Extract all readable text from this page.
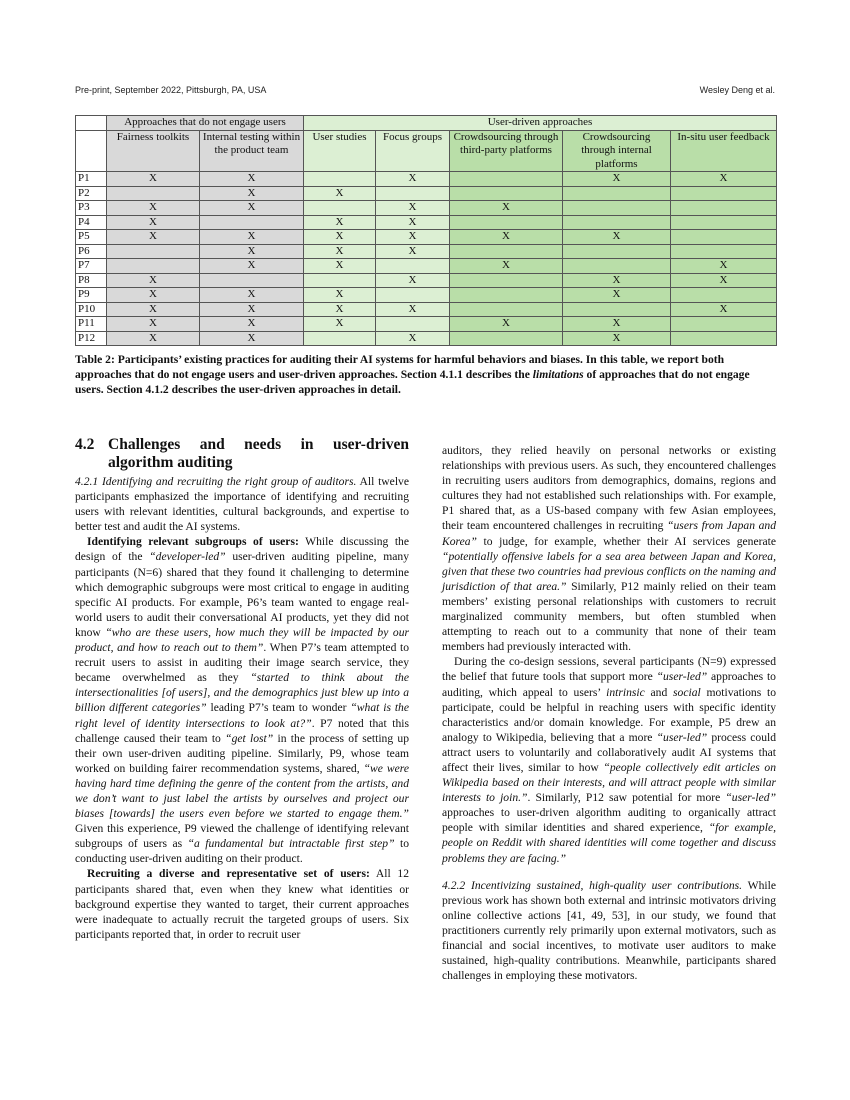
Pre-print, September 2022, Pittsburgh, PA, USA	Wesley Deng et al.
	Approaches that do not engage users		User-driven approaches				
	Fairness toolkits	Internal testing within the product team	User studies	Focus groups	Crowdsourcing through third-party platforms	Crowdsourcing through internal platforms	In-situ user feedback
P1	X	X		X		X	X
P2		X	X				
P3	X	X		X	X		
P4	X		X	X			
P5	X	X	X	X	X	X	
P6		X	X	X			
P7		X	X		X		X
P8	X			X		X	X
P9	X	X	X			X	
P10	X	X	X	X			X
P11	X	X	X		X	X	
P12	X	X		X		X	
Table 2: Participants’ existing practices for auditing their AI systems for harmful behaviors and biases. In this table, we report both approaches that do not engage users and user-driven approaches. Section 4.1.1 describes the limitations of approaches that do not engage users. Section 4.1.2 describes the user-driven approaches in detail.
4.2 Challenges and needs in user-driven algorithm auditing

4.2.1 Identifying and recruiting the right group of auditors. All twelve participants emphasized the importance of identifying and recruiting users with relevant identities, cultural backgrounds, and expertise to better test and audit the AI systems.

Identifying relevant subgroups of users: While discussing the design of the “developer-led” user-driven auditing pipeline, many participants (N=6) shared that they found it challenging to determine which demographic subgroups were most critical to engage in auditing specific AI products. For example, P6’s team wanted to engage real-world users to audit their conversational AI products, yet they did not know “who are these users, how much they will be impacted by our product, and how to reach out to them”. When P7’s team attempted to recruit users to assist in auditing their image search service, they became overwhelmed as they “started to think about the intersectionalities [of users], and the demographics just blew up into a billion different categories” leading P7’s team to wonder “what is the right level of identity intersections to look at?”. P7 noted that this challenge caused their team to “get lost” in the process of setting up their own user-driven auditing pipeline. Similarly, P9, whose team worked on building fairer recommendation systems, shared, “we were having hard time defining the genre of the content from the artists, and we don’t want to just label the artists by ourselves and project our biases [towards] the users even before we started to engage them.” Given this experience, P9 viewed the challenge of identifying relevant subgroups of users as “a fundamental but intractable first step” to conducting user-driven auditing on their product.

Recruiting a diverse and representative set of users: All 12 participants shared that, even when they knew what identities or background expertise they wanted to target, their current approaches were inadequate to actually recruit the targeted groups of users. Six participants reported that, in order to recruit user

auditors, they relied heavily on personal networks or existing relationships with previous users. As such, they encountered challenges in recruiting users auditors from demographics, domains, regions and cultures they had not established such relationships with. For example, P1 shared that, as a US-based company with few Asian employees, their team encountered challenges in recruiting “users from Japan and Korea” to judge, for example, whether their AI services generate “potentially offensive labels for a sea area between Japan and Korea, given that these two countries had previous conflicts on the naming and jurisdiction of that area.” Similarly, P12 mainly relied on their team members’ existing personal relationships with customers to recruit marginalized community members, but often stumbled when attempting to reach out to a community that none of their team members had previously interacted with.

During the co-design sessions, several participants (N=9) expressed the belief that future tools that support more “user-led” approaches to auditing, which appeal to users’ intrinsic and social motivations to participate, could be helpful in reaching users with specific identity characteristics and/or domain knowledge. For example, P5 drew an analogy to Wikipedia, believing that a more “user-led” process could attract users to voluntarily and collaboratively audit AI systems that affect their lives, similar to how “people collectively edit articles on Wikipedia based on their interests, and will attract people with similar interests to join.”. Similarly, P12 saw potential for more “user-led” approaches to user-driven algorithm auditing to organically attract people with similar identities and shared experience, “for example, people on Reddit with shared identities will come together and discuss problems they are facing.”

4.2.2 Incentivizing sustained, high-quality user contributions. While previous work has shown both external and intrinsic motivators driving online collective actions [41, 49, 53], in our study, we found that practitioners currently rely primarily upon external motivators, such as financial and social incentives, to motivate user auditors to make sustained, high-quality contributions. Meanwhile, participants shared challenges in employing these motivators.
